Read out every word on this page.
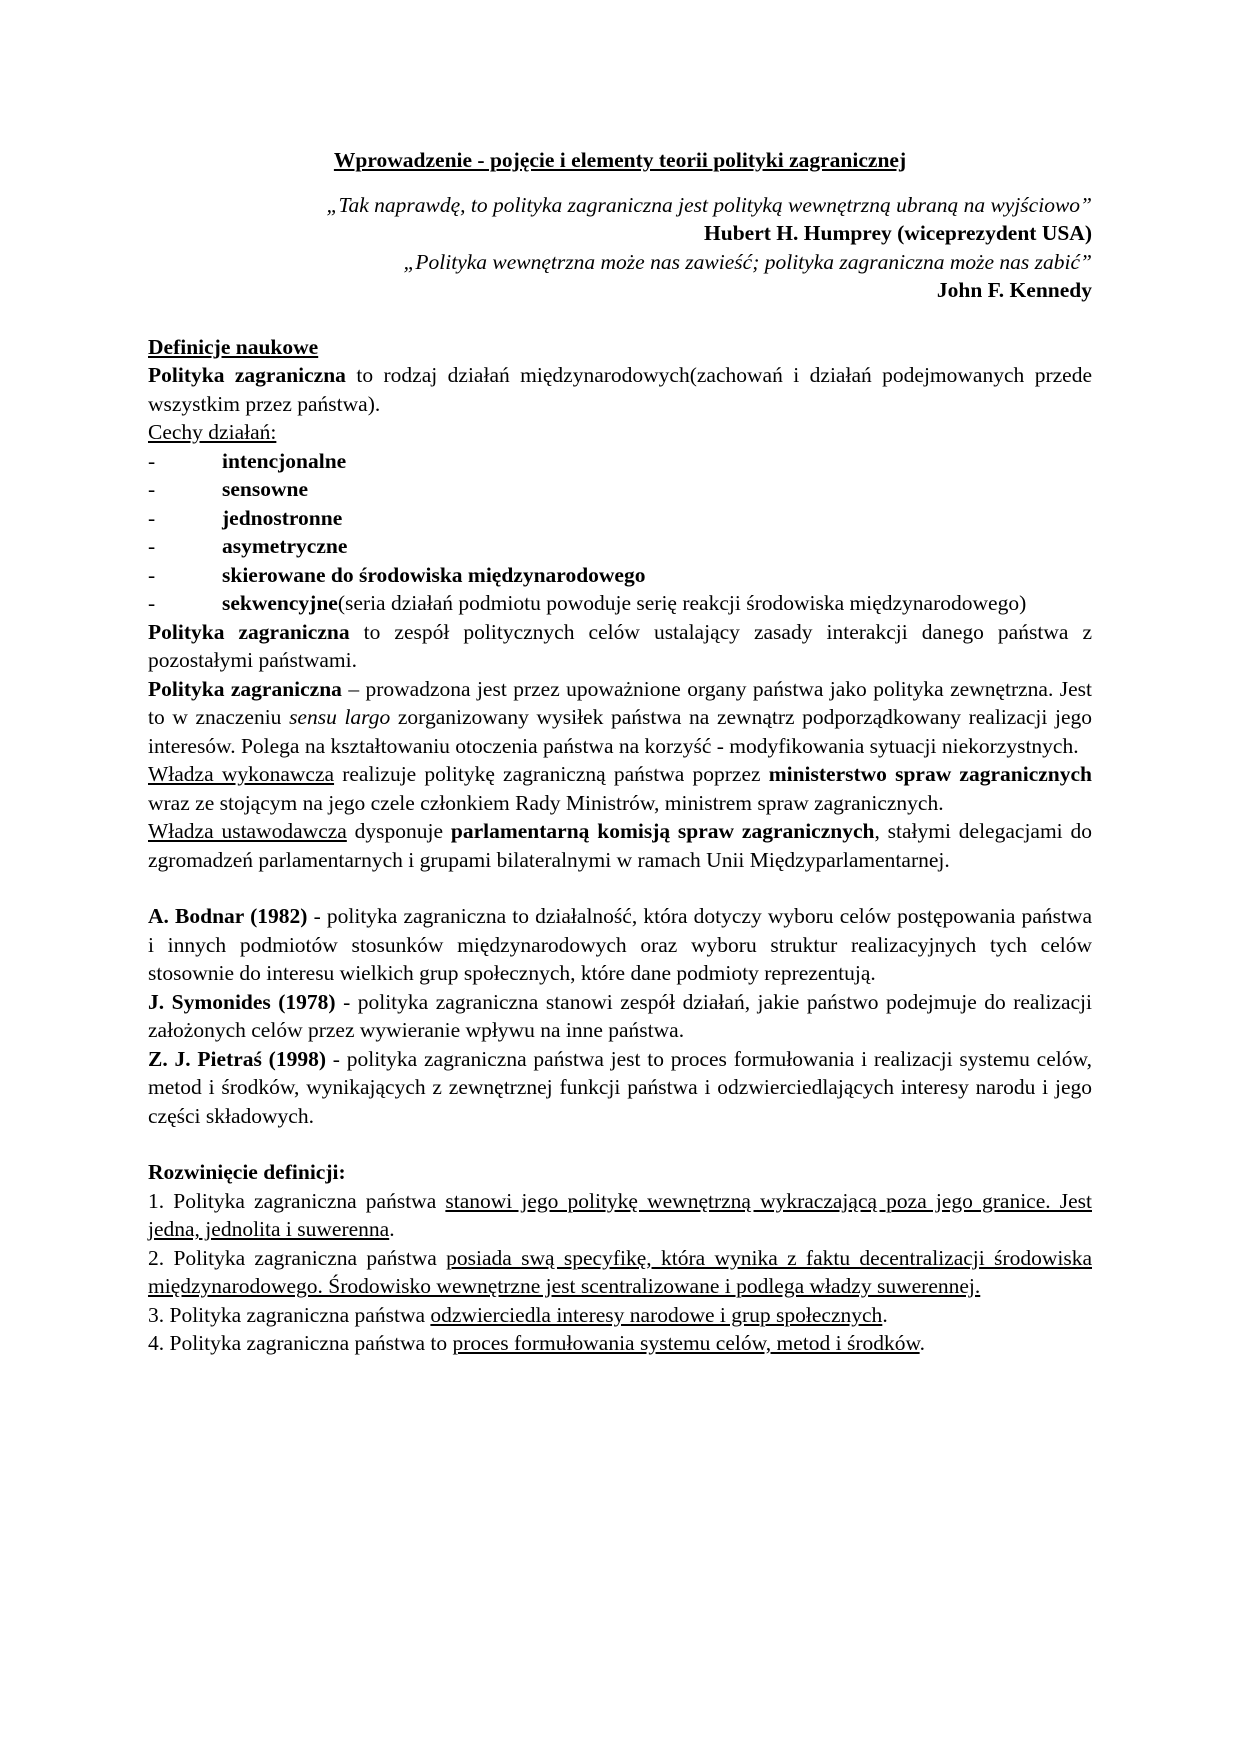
Wprowadzenie - pojęcie i elementy teorii polityki zagranicznej

„Tak naprawdę, to polityka zagraniczna jest polityką wewnętrzną ubraną na wyjściowo”

Hubert H. Humprey (wiceprezydent USA)

„Polityka wewnętrzna może nas zawieść; polityka zagraniczna może nas zabić”

John F. Kennedy

Definicje naukowe

Polityka zagraniczna to rodzaj działań międzynarodowych(zachowań i działań podejmowanych przede wszystkim przez państwa).

Cechy działań:

-	intencjonalne

-	sensowne

-	jednostronne

-	asymetryczne

-	skierowane do środowiska międzynarodowego

-	sekwencyjne(seria działań podmiotu powoduje serię reakcji środowiska międzynarodowego)

Polityka zagraniczna to zespół politycznych celów ustalający zasady interakcji danego państwa z pozostałymi państwami.

Polityka zagraniczna – prowadzona jest przez upoważnione organy państwa jako polityka zewnętrzna. Jest to w znaczeniu sensu largo zorganizowany wysiłek państwa na zewnątrz podporządkowany realizacji jego interesów. Polega na kształtowaniu otoczenia państwa na korzyść - modyfikowania sytuacji niekorzystnych.

Władza wykonawcza realizuje politykę zagraniczną państwa poprzez ministerstwo spraw zagranicznych wraz ze stojącym na jego czele członkiem Rady Ministrów, ministrem spraw zagranicznych.

Władza ustawodawcza dysponuje parlamentarną komisją spraw zagranicznych, stałymi delegacjami do zgromadzeń parlamentarnych i grupami bilateralnymi w ramach Unii Międzyparlamentarnej.

A. Bodnar (1982) - polityka zagraniczna to działalność, która dotyczy wyboru celów postępowania państwa i innych podmiotów stosunków międzynarodowych oraz wyboru struktur realizacyjnych tych celów stosownie do interesu wielkich grup społecznych, które dane podmioty reprezentują.

J. Symonides (1978) - polityka zagraniczna stanowi zespół działań, jakie państwo podejmuje do realizacji założonych celów przez wywieranie wpływu na inne państwa.

Z. J. Pietraś (1998) - polityka zagraniczna państwa jest to proces formułowania i realizacji systemu celów, metod i środków, wynikających z zewnętrznej funkcji państwa i odzwierciedlających interesy narodu i jego części składowych.

Rozwinięcie definicji:

1. Polityka zagraniczna państwa stanowi jego politykę wewnętrzną wykraczającą poza jego granice. Jest jedna, jednolita i suwerenna.

2. Polityka zagraniczna państwa posiada swą specyfikę, która wynika z faktu decentralizacji środowiska międzynarodowego. Środowisko wewnętrzne jest scentralizowane i podlega władzy suwerennej.

3. Polityka zagraniczna państwa odzwierciedla interesy narodowe i grup społecznych.

4. Polityka zagraniczna państwa to proces formułowania systemu celów, metod i środków.
